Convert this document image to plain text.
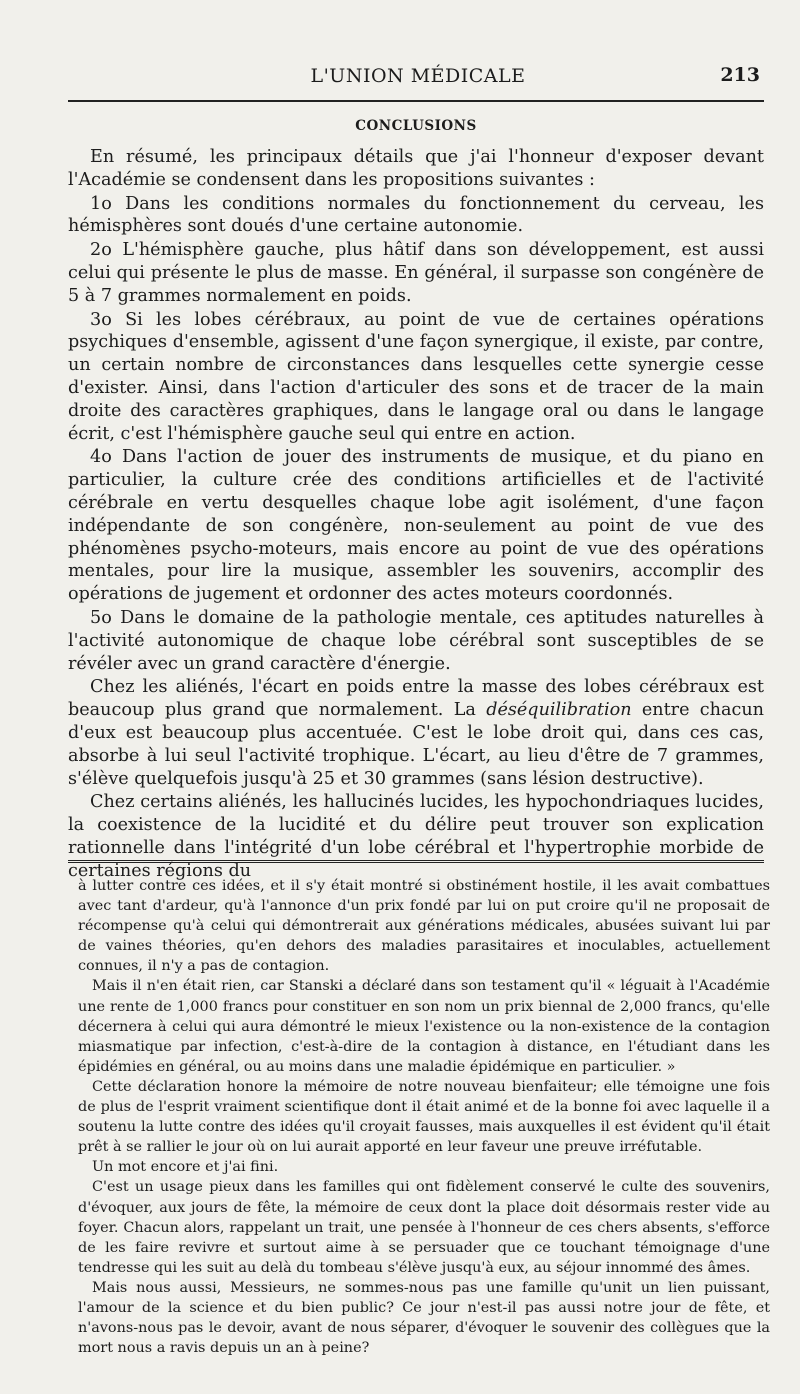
L'UNION MÉDICALE	213
CONCLUSIONS

En résumé, les principaux détails que j'ai l'honneur d'exposer devant l'Académie se condensent dans les propositions suivantes :

1o Dans les conditions normales du fonctionnement du cerveau, les hémisphères sont doués d'une certaine autonomie.

2o L'hémisphère gauche, plus hâtif dans son développement, est aussi celui qui présente le plus de masse. En général, il surpasse son congénère de 5 à 7 grammes normalement en poids.

3o Si les lobes cérébraux, au point de vue de certaines opérations psychiques d'ensemble, agissent d'une façon synergique, il existe, par contre, un certain nombre de circonstances dans lesquelles cette synergie cesse d'exister. Ainsi, dans l'action d'articuler des sons et de tracer de la main droite des caractères graphiques, dans le langage oral ou dans le langage écrit, c'est l'hémisphère gauche seul qui entre en action.

4o Dans l'action de jouer des instruments de musique, et du piano en particulier, la culture crée des conditions artificielles et de l'activité cérébrale en vertu desquelles chaque lobe agit isolément, d'une façon indépendante de son congénère, non-seulement au point de vue des phénomènes psycho-moteurs, mais encore au point de vue des opérations mentales, pour lire la musique, assembler les souvenirs, accomplir des opérations de jugement et ordonner des actes moteurs coordonnés.

5o Dans le domaine de la pathologie mentale, ces aptitudes naturelles à l'activité autonomique de chaque lobe cérébral sont susceptibles de se révéler avec un grand caractère d'énergie.

Chez les aliénés, l'écart en poids entre la masse des lobes cérébraux est beaucoup plus grand que normalement. La déséquilibration entre chacun d'eux est beaucoup plus accentuée. C'est le lobe droit qui, dans ces cas, absorbe à lui seul l'activité trophique. L'écart, au lieu d'être de 7 grammes, s'élève quelquefois jusqu'à 25 et 30 grammes (sans lésion destructive).

Chez certains aliénés, les hallucinés lucides, les hypochondriaques lucides, la coexistence de la lucidité et du délire peut trouver son explication rationnelle dans l'intégrité d'un lobe cérébral et l'hypertrophie morbide de certaines régions du

à lutter contre ces idées, et il s'y était montré si obstinément hostile, il les avait combattues avec tant d'ardeur, qu'à l'annonce d'un prix fondé par lui on put croire qu'il ne proposait de récompense qu'à celui qui démontrerait aux générations médicales, abusées suivant lui par de vaines théories, qu'en dehors des maladies parasitaires et inoculables, actuellement connues, il n'y a pas de contagion.

Mais il n'en était rien, car Stanski a déclaré dans son testament qu'il « léguait à l'Académie une rente de 1,000 francs pour constituer en son nom un prix biennal de 2,000 francs, qu'elle décernera à celui qui aura démontré le mieux l'existence ou la non-existence de la contagion miasmatique par infection, c'est-à-dire de la contagion à distance, en l'étudiant dans les épidémies en général, ou au moins dans une maladie épidémique en particulier. »

Cette déclaration honore la mémoire de notre nouveau bienfaiteur; elle témoigne une fois de plus de l'esprit vraiment scientifique dont il était animé et de la bonne foi avec laquelle il a soutenu la lutte contre des idées qu'il croyait fausses, mais auxquelles il est évident qu'il était prêt à se rallier le jour où on lui aurait apporté en leur faveur une preuve irréfutable.

Un mot encore et j'ai fini.

C'est un usage pieux dans les familles qui ont fidèlement conservé le culte des souvenirs, d'évoquer, aux jours de fête, la mémoire de ceux dont la place doit désormais rester vide au foyer. Chacun alors, rappelant un trait, une pensée à l'honneur de ces chers absents, s'efforce de les faire revivre et surtout aime à se persuader que ce touchant témoignage d'une tendresse qui les suit au delà du tombeau s'élève jusqu'à eux, au séjour innommé des âmes.

Mais nous aussi, Messieurs, ne sommes-nous pas une famille qu'unit un lien puissant, l'amour de la science et du bien public? Ce jour n'est-il pas aussi notre jour de fête, et n'avons-nous pas le devoir, avant de nous séparer, d'évoquer le souvenir des collègues que la mort nous a ravis depuis un an à peine?
